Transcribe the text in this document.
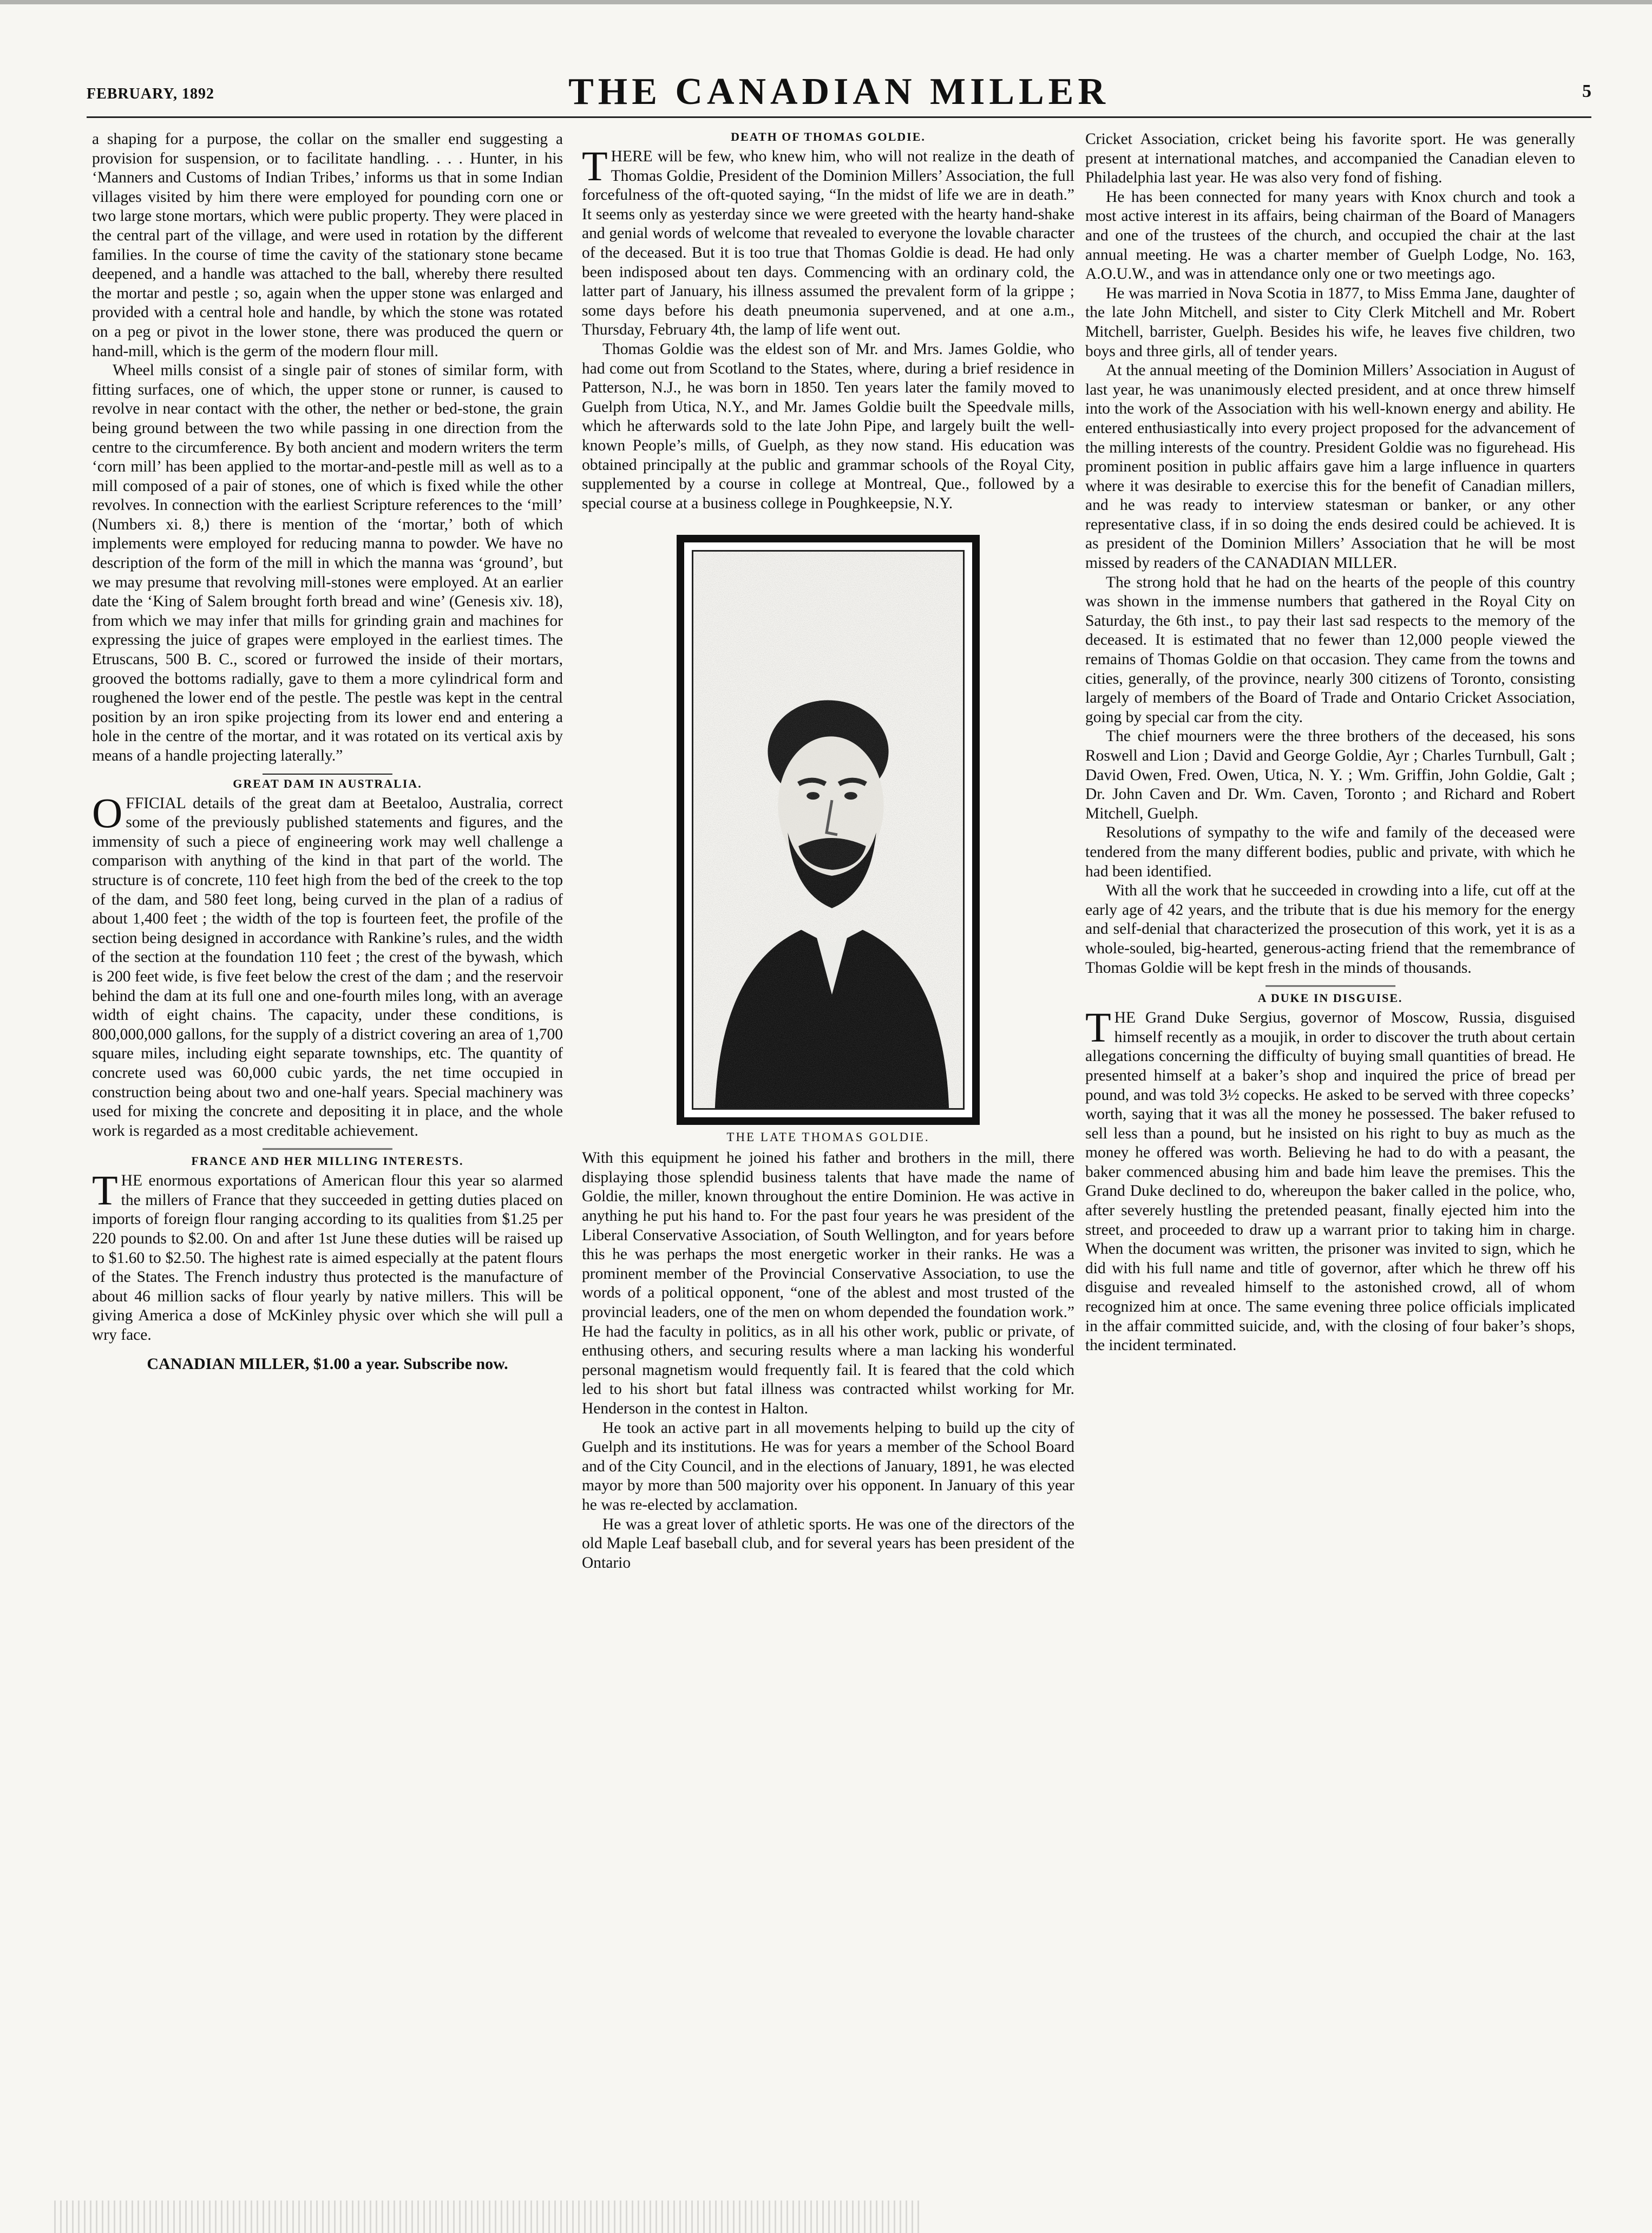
FEBRUARY, 1892	THE CANADIAN MILLER	5

a shaping for a purpose, the collar on the smaller end suggesting a provision for suspension, or to facilitate handling. . . . Hunter, in his ‘Manners and Customs of Indian Tribes,’ informs us that in some Indian villages visited by him there were employed for pounding corn one or two large stone mortars, which were public property. They were placed in the central part of the village, and were used in rotation by the different families. In the course of time the cavity of the stationary stone became deepened, and a handle was attached to the ball, whereby there resulted the mortar and pestle ; so, again when the upper stone was enlarged and provided with a central hole and handle, by which the stone was rotated on a peg or pivot in the lower stone, there was produced the quern or hand-mill, which is the germ of the modern flour mill.

Wheel mills consist of a single pair of stones of similar form, with fitting surfaces, one of which, the upper stone or runner, is caused to revolve in near contact with the other, the nether or bed-stone, the grain being ground between the two while passing in one direction from the centre to the circumference. By both ancient and modern writers the term ‘corn mill’ has been applied to the mortar-and-pestle mill as well as to a mill composed of a pair of stones, one of which is fixed while the other revolves. In connection with the earliest Scripture references to the ‘mill’ (Numbers xi. 8,) there is mention of the ‘mortar,’ both of which implements were employed for reducing manna to powder. We have no description of the form of the mill in which the manna was ‘ground’, but we may presume that revolving mill-stones were employed. At an earlier date the ‘King of Salem brought forth bread and wine’ (Genesis xiv. 18), from which we may infer that mills for grinding grain and machines for expressing the juice of grapes were employed in the earliest times. The Etruscans, 500 B. C., scored or furrowed the inside of their mortars, grooved the bottoms radially, gave to them a more cylindrical form and roughened the lower end of the pestle. The pestle was kept in the central position by an iron spike projecting from its lower end and entering a hole in the centre of the mortar, and it was rotated on its vertical axis by means of a handle projecting laterally.”

GREAT DAM IN AUSTRALIA.

OFFICIAL details of the great dam at Beetaloo, Australia, correct some of the previously published statements and figures, and the immensity of such a piece of engineering work may well challenge a comparison with anything of the kind in that part of the world. The structure is of concrete, 110 feet high from the bed of the creek to the top of the dam, and 580 feet long, being curved in the plan of a radius of about 1,400 feet ; the width of the top is fourteen feet, the profile of the section being designed in accordance with Rankine’s rules, and the width of the section at the foundation 110 feet ; the crest of the bywash, which is 200 feet wide, is five feet below the crest of the dam ; and the reservoir behind the dam at its full one and one-fourth miles long, with an average width of eight chains. The capacity, under these conditions, is 800,000,000 gallons, for the supply of a district covering an area of 1,700 square miles, including eight separate townships, etc. The quantity of concrete used was 60,000 cubic yards, the net time occupied in construction being about two and one-half years. Special machinery was used for mixing the concrete and depositing it in place, and the whole work is regarded as a most creditable achievement.

FRANCE AND HER MILLING INTERESTS.

THE enormous exportations of American flour this year so alarmed the millers of France that they succeeded in getting duties placed on imports of foreign flour ranging according to its qualities from $1.25 per 220 pounds to $2.00. On and after 1st June these duties will be raised up to $1.60 to $2.50. The highest rate is aimed especially at the patent flours of the States. The French industry thus protected is the manufacture of about 46 million sacks of flour yearly by native millers. This will be giving America a dose of McKinley physic over which she will pull a wry face.

CANADIAN MILLER, $1.00 a year. Subscribe now.
DEATH OF THOMAS GOLDIE.

THERE will be few, who knew him, who will not realize in the death of Thomas Goldie, President of the Dominion Millers’ Association, the full forcefulness of the oft-quoted saying, “In the midst of life we are in death.” It seems only as yesterday since we were greeted with the hearty hand-shake and genial words of welcome that revealed to everyone the lovable character of the deceased. But it is too true that Thomas Goldie is dead. He had only been indisposed about ten days. Commencing with an ordinary cold, the latter part of January, his illness assumed the prevalent form of la grippe ; some days before his death pneumonia supervened, and at one a.m., Thursday, February 4th, the lamp of life went out.

Thomas Goldie was the eldest son of Mr. and Mrs. James Goldie, who had come out from Scotland to the States, where, during a brief residence in Patterson, N.J., he was born in 1850. Ten years later the family moved to Guelph from Utica, N.Y., and Mr. James Goldie built the Speedvale mills, which he afterwards sold to the late John Pipe, and largely built the well-known People’s mills, of Guelph, as they now stand. His education was obtained principally at the public and grammar schools of the Royal City, supplemented by a course in college at Montreal, Que., followed by a special course at a business college in Poughkeepsie, N.Y.

THE LATE THOMAS GOLDIE.

With this equipment he joined his father and brothers in the mill, there displaying those splendid business talents that have made the name of Goldie, the miller, known throughout the entire Dominion. He was active in anything he put his hand to. For the past four years he was president of the Liberal Conservative Association, of South Wellington, and for years before this he was perhaps the most energetic worker in their ranks. He was a prominent member of the Provincial Conservative Association, to use the words of a political opponent, “one of the ablest and most trusted of the provincial leaders, one of the men on whom depended the foundation work.” He had the faculty in politics, as in all his other work, public or private, of enthusing others, and securing results where a man lacking his wonderful personal magnetism would frequently fail. It is feared that the cold which led to his short but fatal illness was contracted whilst working for Mr. Henderson in the contest in Halton.

He took an active part in all movements helping to build up the city of Guelph and its institutions. He was for years a member of the School Board and of the City Council, and in the elections of January, 1891, he was elected mayor by more than 500 majority over his opponent. In January of this year he was re-elected by acclamation.

He was a great lover of athletic sports. He was one of the directors of the old Maple Leaf baseball club, and for several years has been president of the Ontario

Cricket Association, cricket being his favorite sport. He was generally present at international matches, and accompanied the Canadian eleven to Philadelphia last year. He was also very fond of fishing.

He has been connected for many years with Knox church and took a most active interest in its affairs, being chairman of the Board of Managers and one of the trustees of the church, and occupied the chair at the last annual meeting. He was a charter member of Guelph Lodge, No. 163, A.O.U.W., and was in attendance only one or two meetings ago.

He was married in Nova Scotia in 1877, to Miss Emma Jane, daughter of the late John Mitchell, and sister to City Clerk Mitchell and Mr. Robert Mitchell, barrister, Guelph. Besides his wife, he leaves five children, two boys and three girls, all of tender years.

At the annual meeting of the Dominion Millers’ Association in August of last year, he was unanimously elected president, and at once threw himself into the work of the Association with his well-known energy and ability. He entered enthusiastically into every project proposed for the advancement of the milling interests of the country. President Goldie was no figurehead. His prominent position in public affairs gave him a large influence in quarters where it was desirable to exercise this for the benefit of Canadian millers, and he was ready to interview statesman or banker, or any other representative class, if in so doing the ends desired could be achieved. It is as president of the Dominion Millers’ Association that he will be most missed by readers of the CANADIAN MILLER.

The strong hold that he had on the hearts of the people of this country was shown in the immense numbers that gathered in the Royal City on Saturday, the 6th inst., to pay their last sad respects to the memory of the deceased. It is estimated that no fewer than 12,000 people viewed the remains of Thomas Goldie on that occasion. They came from the towns and cities, generally, of the province, nearly 300 citizens of Toronto, consisting largely of members of the Board of Trade and Ontario Cricket Association, going by special car from the city.

The chief mourners were the three brothers of the deceased, his sons Roswell and Lion ; David and George Goldie, Ayr ; Charles Turnbull, Galt ; David Owen, Fred. Owen, Utica, N. Y. ; Wm. Griffin, John Goldie, Galt ; Dr. John Caven and Dr. Wm. Caven, Toronto ; and Richard and Robert Mitchell, Guelph.

Resolutions of sympathy to the wife and family of the deceased were tendered from the many different bodies, public and private, with which he had been identified.

With all the work that he succeeded in crowding into a life, cut off at the early age of 42 years, and the tribute that is due his memory for the energy and self-denial that characterized the prosecution of this work, yet it is as a whole-souled, big-hearted, generous-acting friend that the remembrance of Thomas Goldie will be kept fresh in the minds of thousands.

A DUKE IN DISGUISE.

THE Grand Duke Sergius, governor of Moscow, Russia, disguised himself recently as a moujik, in order to discover the truth about certain allegations concerning the difficulty of buying small quantities of bread. He presented himself at a baker’s shop and inquired the price of bread per pound, and was told 3½ copecks. He asked to be served with three copecks’ worth, saying that it was all the money he possessed. The baker refused to sell less than a pound, but he insisted on his right to buy as much as the money he offered was worth. Believing he had to do with a peasant, the baker commenced abusing him and bade him leave the premises. This the Grand Duke declined to do, whereupon the baker called in the police, who, after severely hustling the pretended peasant, finally ejected him into the street, and proceeded to draw up a warrant prior to taking him in charge. When the document was written, the prisoner was invited to sign, which he did with his full name and title of governor, after which he threw off his disguise and revealed himself to the astonished crowd, all of whom recognized him at once. The same evening three police officials implicated in the affair committed suicide, and, with the closing of four baker’s shops, the incident terminated.
